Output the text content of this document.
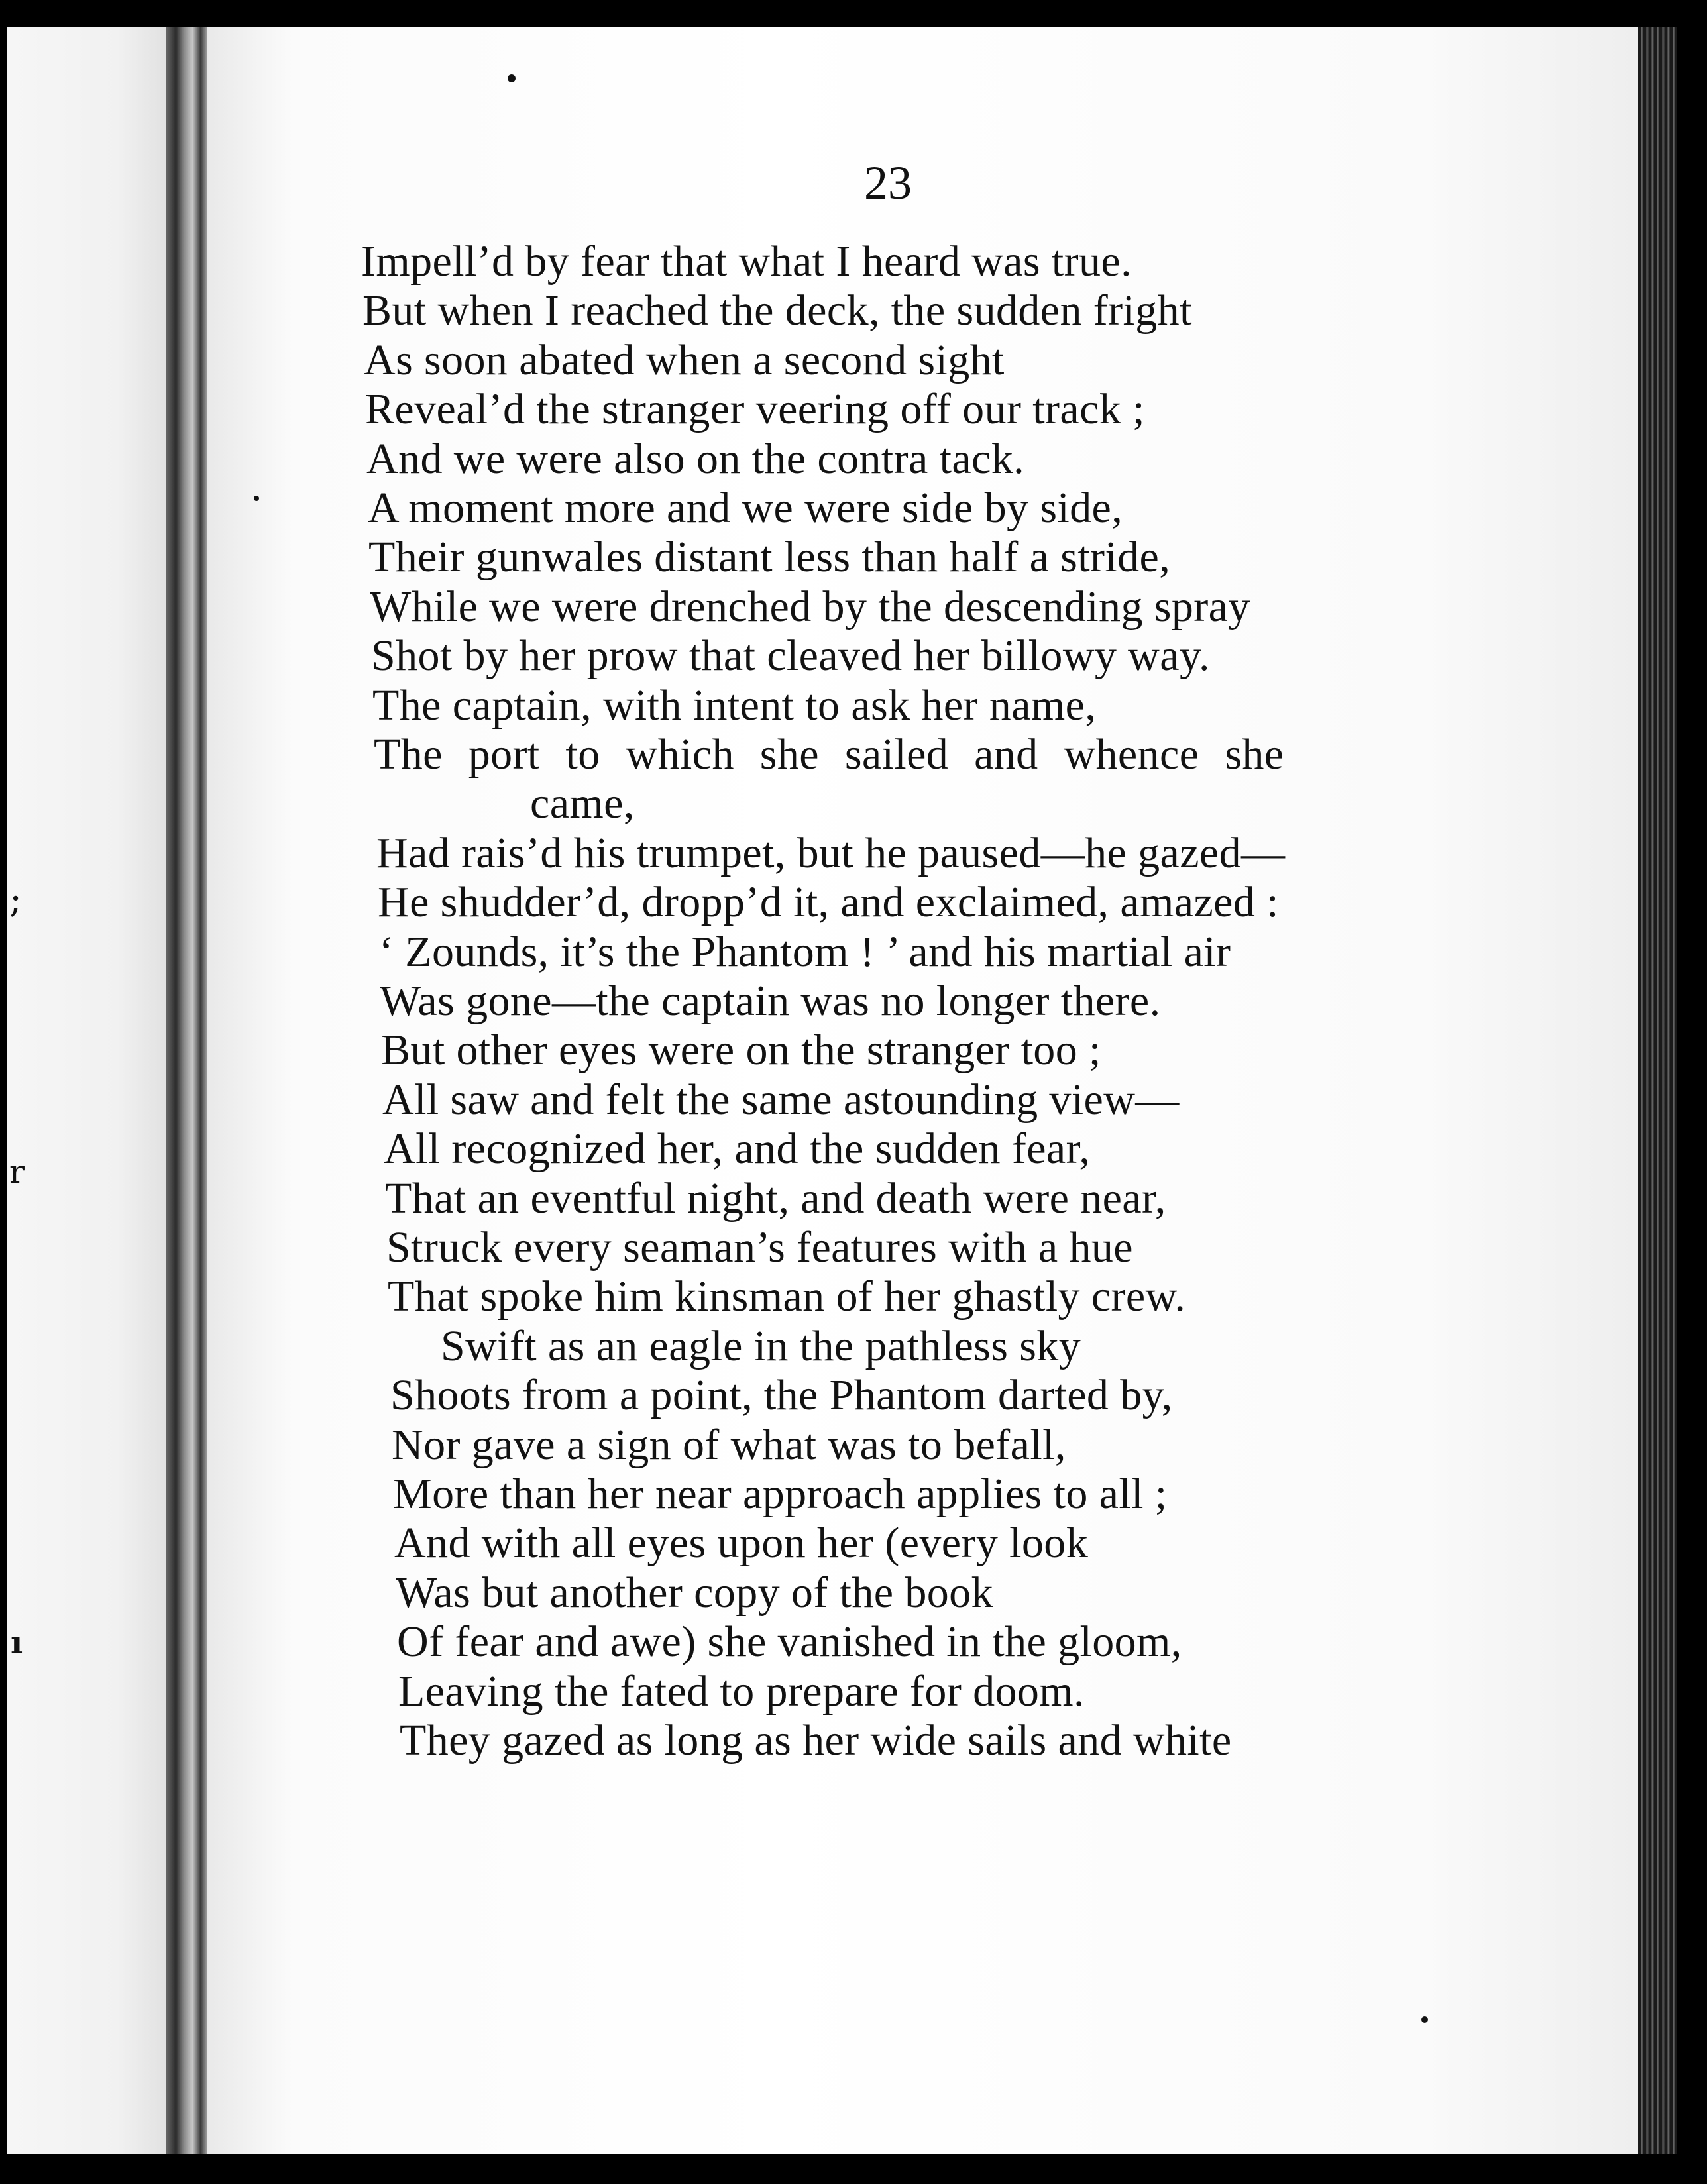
;
r
ı
23
Impell’d by fear that what I heard was true.
But when I reached the deck, the sudden fright
As soon abated when a second sight
Reveal’d the stranger veering off our track ;
And we were also on the contra tack.
A moment more and we were side by side,
Their gunwales distant less than half a stride,
While we were drenched by the descending spray
Shot by her prow that cleaved her billowy way.
The captain, with intent to ask her name,
The port to which she sailed and whence she
came,
Had rais’d his trumpet, but he paused—he gazed—
He shudder’d, dropp’d it, and exclaimed, amazed :
‘ Zounds, it’s the Phantom ! ’ and his martial air
Was gone—the captain was no longer there.
But other eyes were on the stranger too ;
All saw and felt the same astounding view—
All recognized her, and the sudden fear,
That an eventful night, and death were near,
Struck every seaman’s features with a hue
That spoke him kinsman of her ghastly crew.
Swift as an eagle in the pathless sky
Shoots from a point, the Phantom darted by,
Nor gave a sign of what was to befall,
More than her near approach applies to all ;
And with all eyes upon her (every look
Was but another copy of the book
Of fear and awe) she vanished in the gloom,
Leaving the fated to prepare for doom.
They gazed as long as her wide sails and white
